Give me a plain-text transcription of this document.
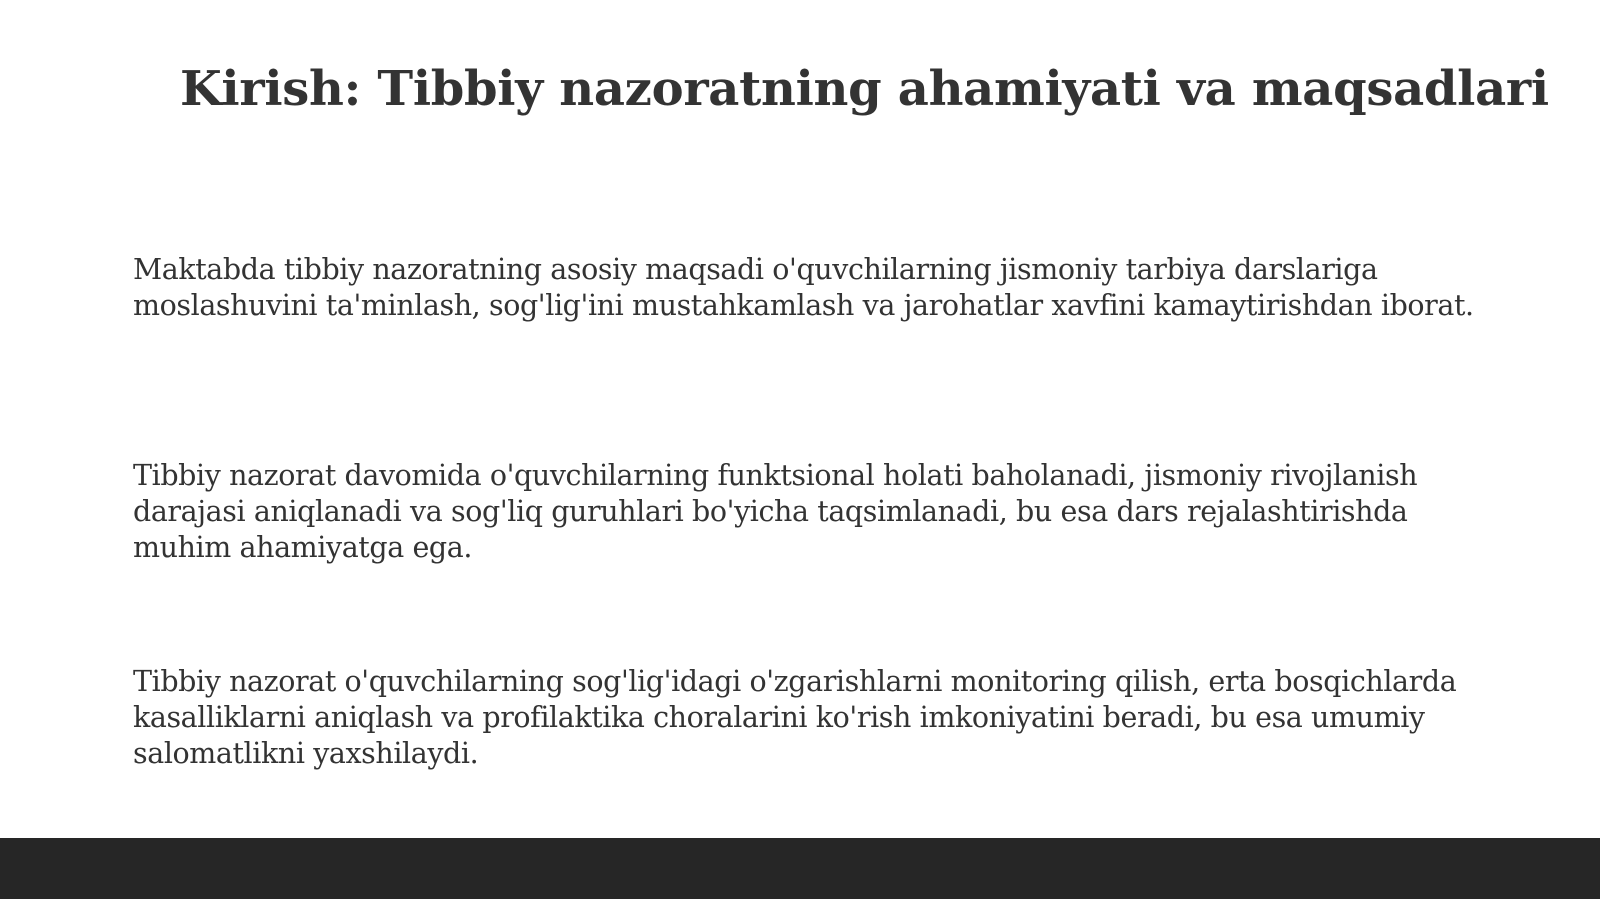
Kirish: Tibbiy nazoratning ahamiyati va maqsadlari

Maktabda tibbiy nazoratning asosiy maqsadi o'quvchilarning jismoniy tarbiya darslariga moslashuvini ta'minlash, sog'lig'ini mustahkamlash va jarohatlar xavfini kamaytirishdan iborat.

Tibbiy nazorat davomida o'quvchilarning funktsional holati baholanadi, jismoniy rivojlanish darajasi aniqlanadi va sog'liq guruhlari bo'yicha taqsimlanadi, bu esa dars rejalashtirishda muhim ahamiyatga ega.

Tibbiy nazorat o'quvchilarning sog'lig'idagi o'zgarishlarni monitoring qilish, erta bosqichlarda kasalliklarni aniqlash va profilaktika choralarini ko'rish imkoniyatini beradi, bu esa umumiy salomatlikni yaxshilaydi.
